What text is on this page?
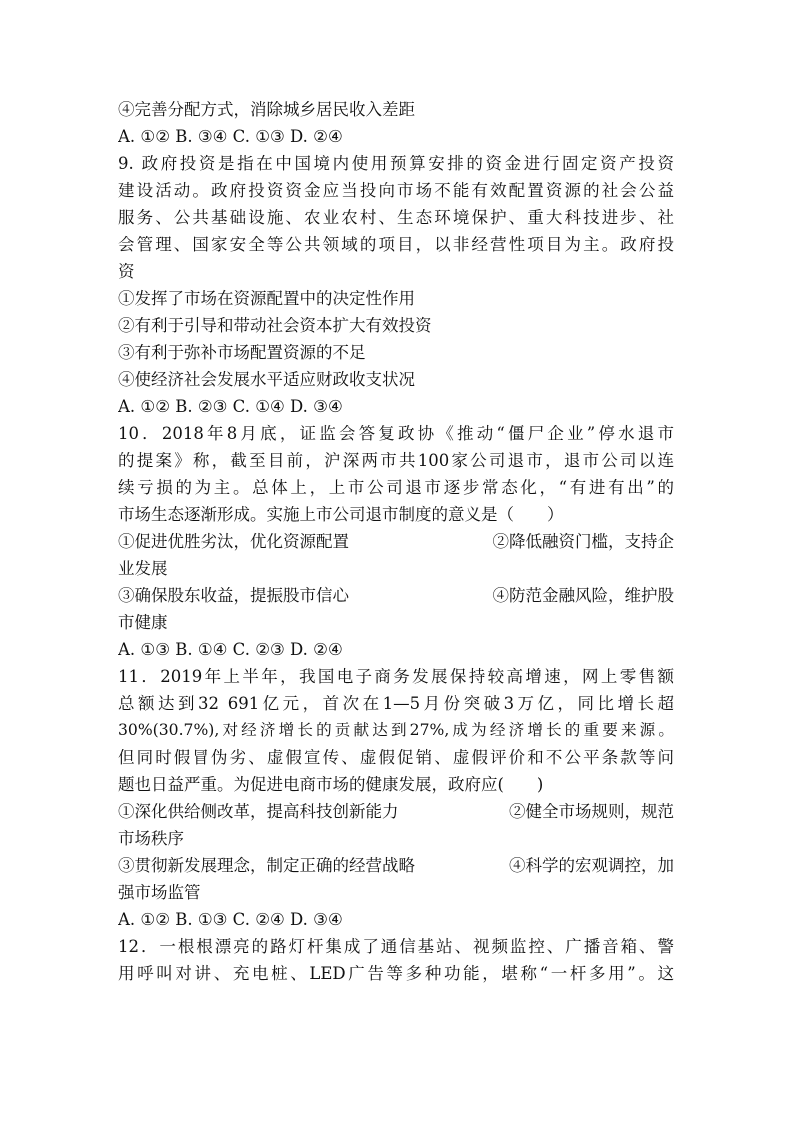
④完善分配方式，消除城乡居民收入差距
A. ①② B. ③④ C. ①③ D. ②④
9. 政府投资是指在中国境内使用预算安排的资金进行固定资产投资
建设活动。政府投资资金应当投向市场不能有效配置资源的社会公益
服务、公共基础设施、农业农村、生态环境保护、重大科技进步、社
会管理、国家安全等公共领域的项目，以非经营性项目为主。政府投
资
①发挥了市场在资源配置中的决定性作用
②有利于引导和带动社会资本扩大有效投资
③有利于弥补市场配置资源的不足
④使经济社会发展水平适应财政收支状况
A. ①② B. ②③ C. ①④ D. ③④
10．2018年8月底，证监会答复政协《推动“僵尸企业”停水退市
的提案》称，截至目前，沪深两市共100家公司退市，退市公司以连
续亏损的为主。总体上，上市公司退市逐步常态化，“有进有出”的
市场生态逐渐形成。实施上市公司退市制度的意义是（　　）
①促进优胜劣汰，优化资源配置	②降低融资门槛，支持企
业发展
③确保股东收益，提振股市信心	④防范金融风险，维护股
市健康
A. ①③ B. ①④ C. ②③ D. ②④
11．2019年上半年，我国电子商务发展保持较高增速，网上零售额
总额达到32 691亿元，首次在1—5月份突破3万亿，同比增长超
30%(30.7%),对经济增长的贡献达到27%,成为经济增长的重要来源。
但同时假冒伪劣、虚假宣传、虚假促销、虚假评价和不公平条款等问
题也日益严重。为促进电商市场的健康发展，政府应(　　)
①深化供给侧改革，提高科技创新能力	②健全市场规则，规范
市场秩序
③贯彻新发展理念，制定正确的经营战略	④科学的宏观调控，加
强市场监管
A. ①② B. ①③ C. ②④ D. ③④
12．一根根漂亮的路灯杆集成了通信基站、视频监控、广播音箱、警
用呼叫对讲、充电桩、LED广告等多种功能，堪称“一杆多用”。这
